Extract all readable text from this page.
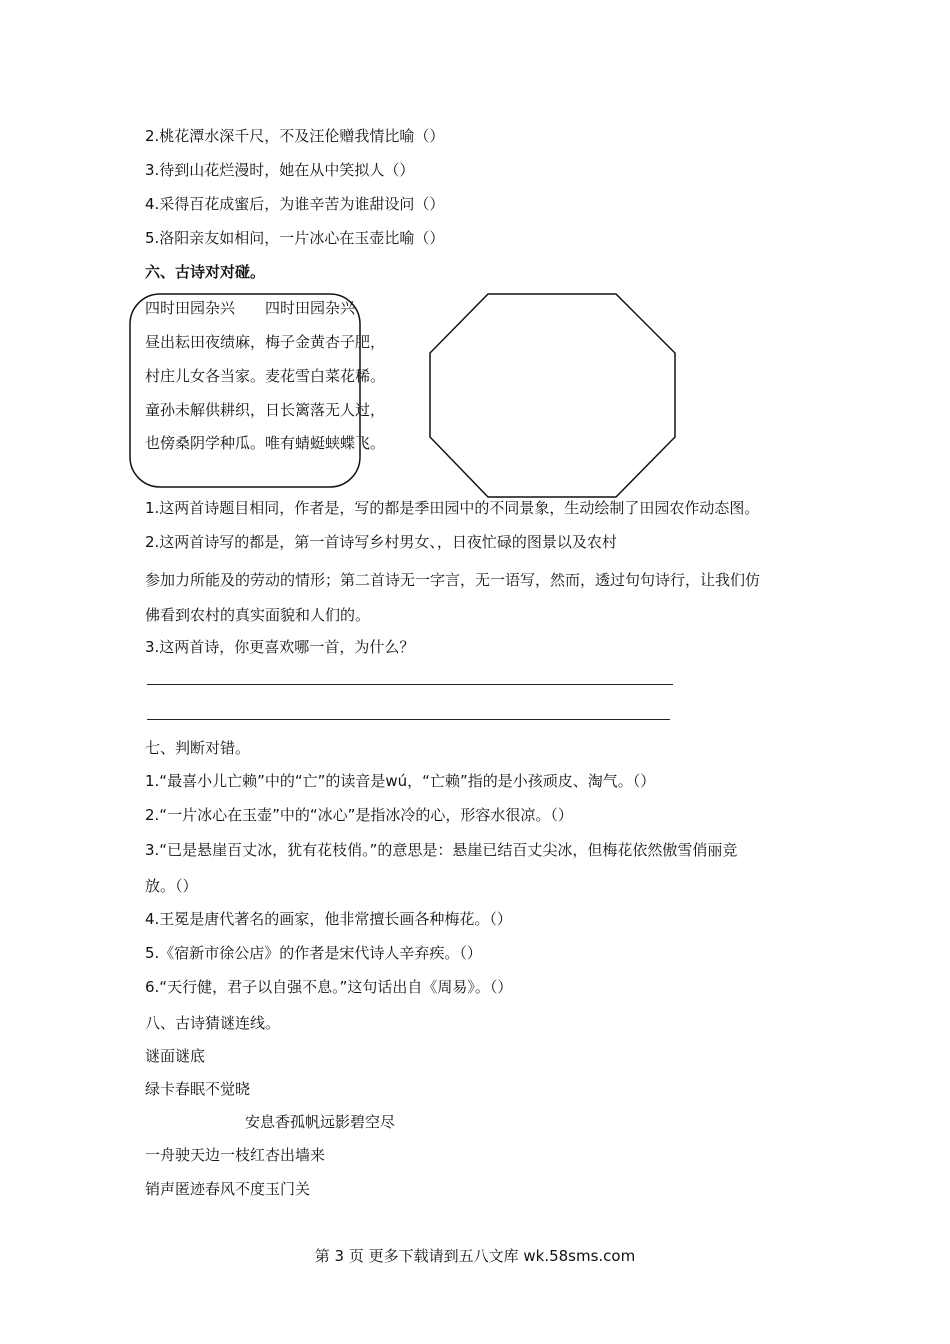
2.桃花潭水深千尺，不及汪伦赠我情比喻（）
3.待到山花烂漫时，她在从中笑拟人（）
4.采得百花成蜜后，为谁辛苦为谁甜设问（）
5.洛阳亲友如相问，一片冰心在玉壶比喻（）
六、古诗对对碰。
四时田园杂兴　　四时田园杂兴
昼出耘田夜绩麻，梅子金黄杏子肥，
村庄儿女各当家。麦花雪白菜花稀。
童孙未解供耕织，日长篱落无人过，
也傍桑阴学种瓜。唯有蜻蜓蛱蝶飞。
1.这两首诗题目相同，作者是，写的都是季田园中的不同景象，生动绘制了田园农作动态图。
2.这两首诗写的都是，第一首诗写乡村男女、，日夜忙碌的图景以及农村
参加力所能及的劳动的情形；第二首诗无一字言，无一语写，然而，透过句句诗行，让我们仿
佛看到农村的真实面貌和人们的。
3.这两首诗，你更喜欢哪一首，为什么？
七、判断对错。
1.“最喜小儿亡赖”中的“亡”的读音是wú，“亡赖”指的是小孩顽皮、淘气。（）
2.“一片冰心在玉壶”中的“冰心”是指冰冷的心，形容水很凉。（）
3.“已是悬崖百丈冰，犹有花枝俏。”的意思是：悬崖已结百丈尖冰，但梅花依然傲雪俏丽竞
放。（）
4.王冕是唐代著名的画家，他非常擅长画各种梅花。（）
5.《宿新市徐公店》的作者是宋代诗人辛弃疾。（）
6.“天行健，君子以自强不息。”这句话出自《周易》。（）
八、古诗猜谜连线。
谜面谜底
绿卡春眠不觉晓
安息香孤帆远影碧空尽
一舟驶天边一枝红杏出墙来
销声匿迹春风不度玉门关
第 3 页 更多下载请到五八文库 wk.58sms.com
